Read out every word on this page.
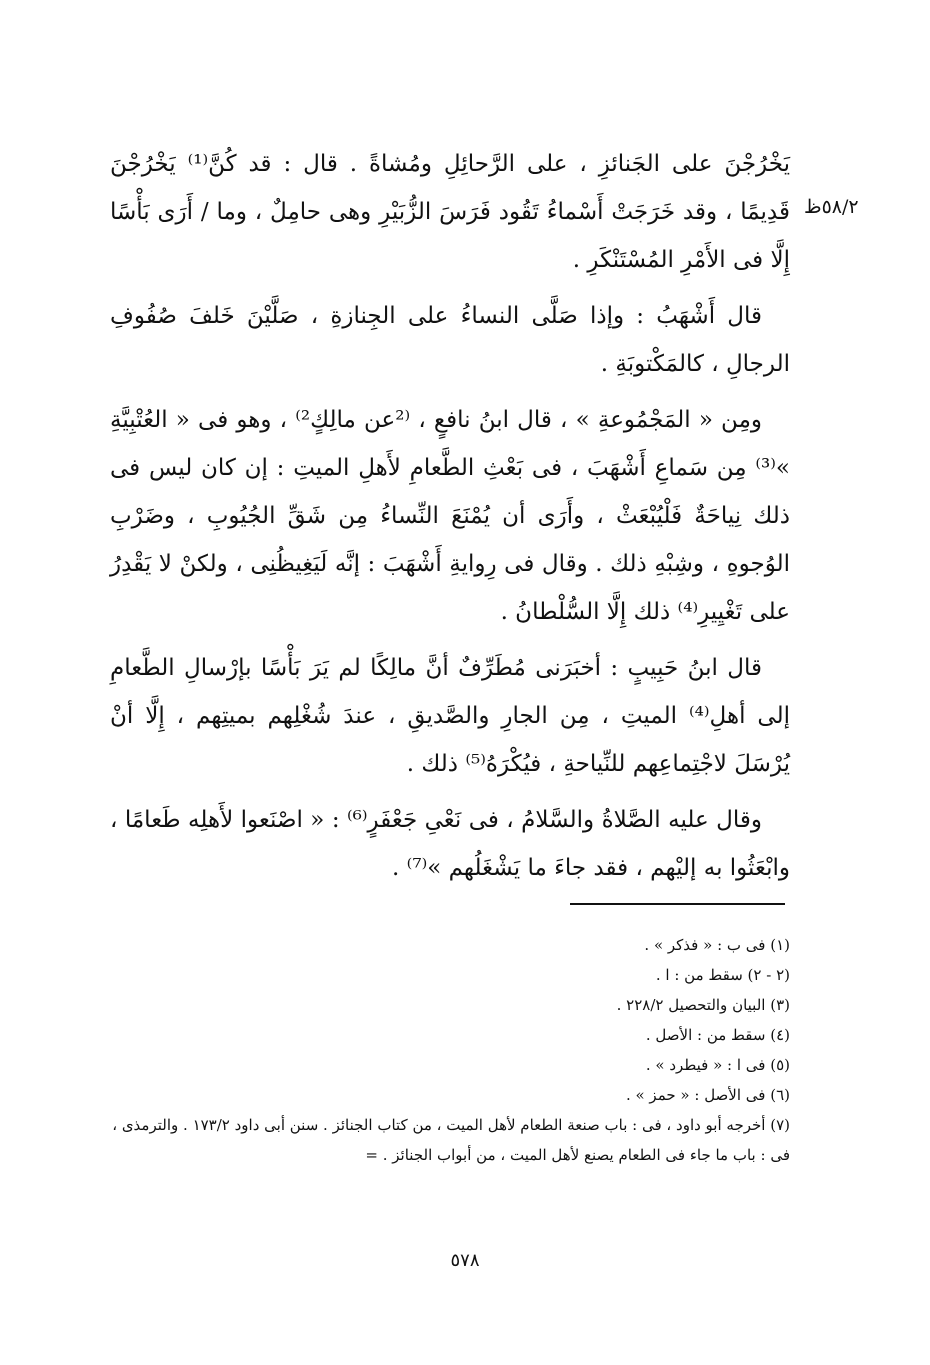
٥٨/٢ظ

يَخْرُجْنَ على الجَنائزِ ، على الرَّحائِلِ ومُشاةً . قال : قد كُنَّ⁽¹⁾ يَخْرُجْنَ قَدِيمًا ، وقد خَرَجَتْ أَسْماءُ تَقُود فَرَسَ الزُّبَيْرِ وهى حامِلٌ ، وما / أَرَى بَأْسًا إِلَّا فى الأَمْرِ المُسْتَنْكَرِ .

قال أَشْهَبُ : وإذا صَلَّى النساءُ على الجِنازةِ ، صَلَّيْنَ خَلفَ صُفُوفِ الرجالِ ، كالمَكْتوبَةِ .

ومِن « المَجْمُوعةِ » ، قال ابنُ نافعٍ ، ⁽²عن مالِكٍ²⁾ ، وهو فى « العُتْبِيَّةِ »⁽³⁾ مِن سَماعِ أَشْهَبَ ، فى بَعْثِ الطَّعامِ لأَهلِ الميتِ : إن كان ليس فى ذلك نِياحَةٌ فَلْيُبْعَثْ ، وأَرَى أن يُمْنَعَ النِّساءُ مِن شَقِّ الجُيُوبِ ، وضَرْبِ الوُجوهِ ، وشِبْهِ ذلك . وقال فى رِوايةِ أَشْهَبَ : إنَّه لَيَغِيظُنِى ، ولكنْ لا يَقْدِرُ على تَغْيِيرِ⁽⁴⁾ ذلك إِلَّا السُّلْطانُ .

قال ابنُ حَبِيبٍ : أخبَرَنى مُطَرِّفٌ أنَّ مالِكًا لم يَرَ بَأْسًا بإرْسالِ الطَّعامِ إلى أهلِ⁽⁴⁾ الميتِ ، مِن الجارِ والصَّديقِ ، عندَ شُغْلِهم بميتِهم ، إِلَّا أنْ يُرْسَلَ لاجْتِماعِهم للنِّياحةِ ، فيُكْرَهُ⁽⁵⁾ ذلك .

وقال عليه الصَّلاةُ والسَّلامُ ، فى نَعْىِ جَعْفَرٍ⁽⁶⁾ : « اصْنَعوا لأَهلِه طَعامًا ، وابْعَثُوا به إليْهم ، فقد جاءَ ما يَشْغَلُهم »⁽⁷⁾ .

(١) فى ب : « فذكر » .

(٢ - ٢) سقط من : ا .

(٣) البيان والتحصيل ٢٢٨/٢ .

(٤) سقط من : الأصل .

(٥) فى ا : « فيطرد » .

(٦) فى الأصل : « حمز » .

(٧) أخرجه أبو داود ، فى : باب صنعة الطعام لأهل الميت ، من كتاب الجنائز . سنن أبى داود ١٧٣/٢ . والترمذى ، فى : باب ما جاء فى الطعام يصنع لأهل الميت ، من أبواب الجنائز . =

٥٧٨
